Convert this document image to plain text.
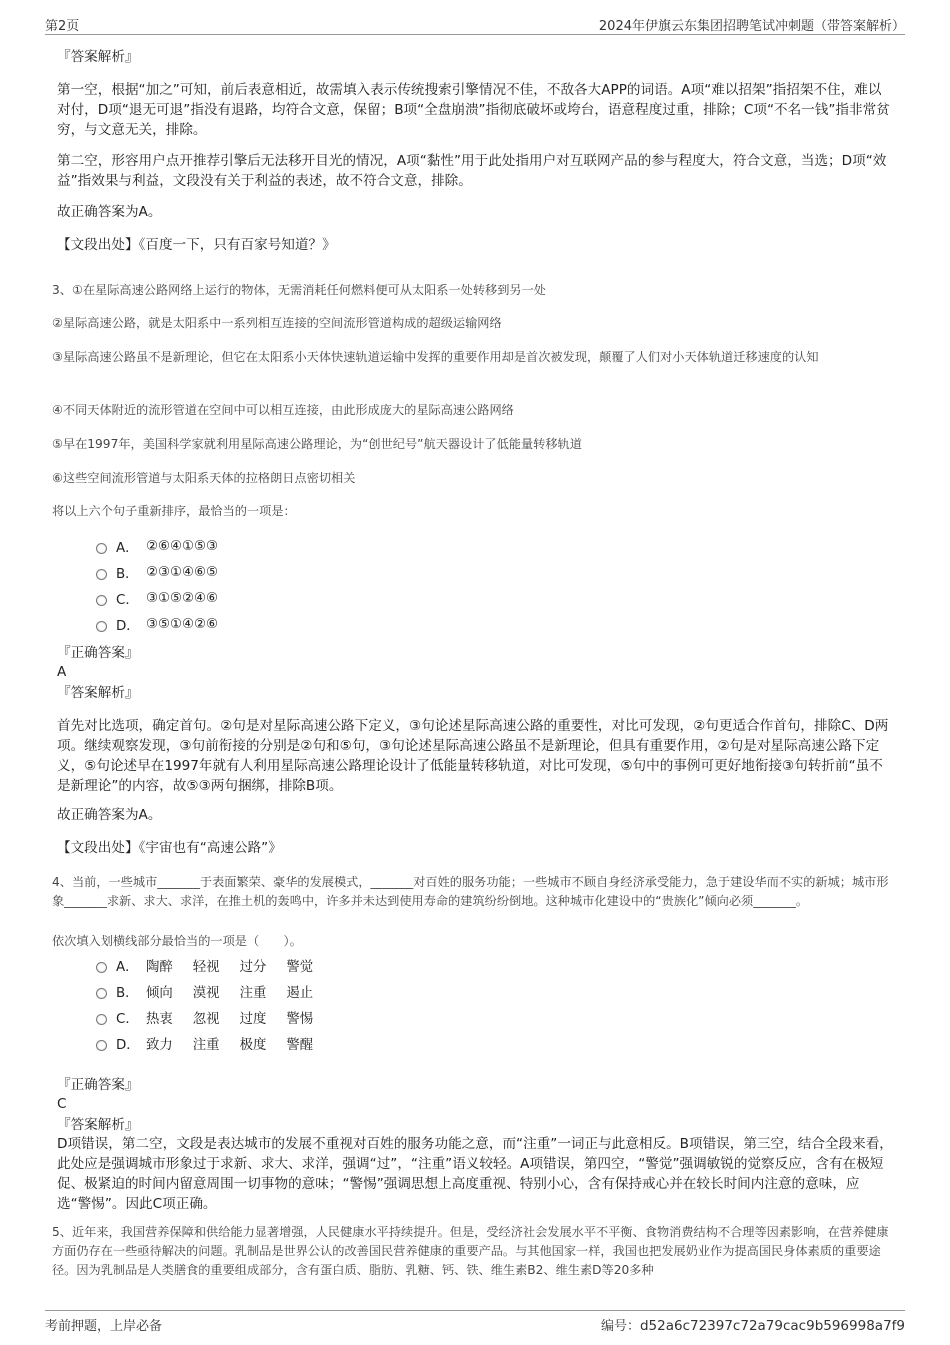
第2页	2024年伊旗云东集团招聘笔试冲刺题（带答案解析）
『答案解析』
第一空，根据“加之”可知，前后表意相近，故需填入表示传统搜索引擎情况不佳，不敌各大APP的词语。A项“难以招架”指招架不住，难以对付，D项“退无可退”指没有退路，均符合文意，保留；B项“全盘崩溃”指彻底破坏或垮台，语意程度过重，排除；C项“不名一钱”指非常贫穷，与文意无关，排除。
第二空，形容用户点开推荐引擎后无法移开目光的情况，A项“黏性”用于此处指用户对互联网产品的参与程度大，符合文意，当选；D项“效益”指效果与利益，文段没有关于利益的表述，故不符合文意，排除。
故正确答案为A。
【文段出处】《百度一下，只有百家号知道？》
3、①在星际高速公路网络上运行的物体，无需消耗任何燃料便可从太阳系一处转移到另一处
②星际高速公路，就是太阳系中一系列相互连接的空间流形管道构成的超级运输网络
③星际高速公路虽不是新理论，但它在太阳系小天体快速轨道运输中发挥的重要作用却是首次被发现，颠覆了人们对小天体轨道迁移速度的认知
④不同天体附近的流形管道在空间中可以相互连接，由此形成庞大的星际高速公路网络
⑤早在1997年，美国科学家就利用星际高速公路理论，为“创世纪号”航天器设计了低能量转移轨道
⑥这些空间流形管道与太阳系天体的拉格朗日点密切相关
将以上六个句子重新排序，最恰当的一项是：
A． ②⑥④①⑤③
B． ②③①④⑥⑤
C． ③①⑤②④⑥
D． ③⑤①④②⑥
『正确答案』
A
『答案解析』
首先对比选项，确定首句。②句是对星际高速公路下定义，③句论述星际高速公路的重要性，对比可发现，②句更适合作首句，排除C、D两项。继续观察发现，③句前衔接的分别是②句和⑤句，③句论述星际高速公路虽不是新理论，但具有重要作用，②句是对星际高速公路下定义，⑤句论述早在1997年就有人利用星际高速公路理论设计了低能量转移轨道，对比可发现，⑤句中的事例可更好地衔接③句转折前“虽不是新理论”的内容，故⑤③两句捆绑，排除B项。
故正确答案为A。
【文段出处】《宇宙也有“高速公路”》
4、当前，一些城市_______于表面繁荣、豪华的发展模式，_______对百姓的服务功能；一些城市不顾自身经济承受能力，急于建设华而不实的新城；城市形象_______求新、求大、求洋，在推土机的轰鸣中，许多并未达到使用寿命的建筑纷纷倒地。这种城市化建设中的“贵族化”倾向必须_______。
依次填入划横线部分最恰当的一项是（　　）。
A． 陶醉 轻视 过分 警觉
B． 倾向 漠视 注重 遏止
C． 热衷 忽视 过度 警惕
D． 致力 注重 极度 警醒
『正确答案』
C
『答案解析』
D项错误，第二空，文段是表达城市的发展不重视对百姓的服务功能之意，而“注重”一词正与此意相反。B项错误，第三空，结合全段来看，此处应是强调城市形象过于求新、求大、求洋，强调“过”，“注重”语义较轻。A项错误，第四空，“警觉”强调敏锐的觉察反应，含有在极短促、极紧迫的时间内留意周围一切事物的意味；“警惕”强调思想上高度重视、特别小心，含有保持戒心并在较长时间内注意的意味，应选“警惕”。因此C项正确。
5、近年来，我国营养保障和供给能力显著增强，人民健康水平持续提升。但是，受经济社会发展水平不平衡、食物消费结构不合理等因素影响，在营养健康方面仍存在一些亟待解决的问题。乳制品是世界公认的改善国民营养健康的重要产品。与其他国家一样，我国也把发展奶业作为提高国民身体素质的重要途径。因为乳制品是人类膳食的重要组成部分，含有蛋白质、脂肪、乳糖、钙、铁、维生素B2、维生素D等20多种
考前押题，上岸必备	编号：d52a6c72397c72a79cac9b596998a7f9
